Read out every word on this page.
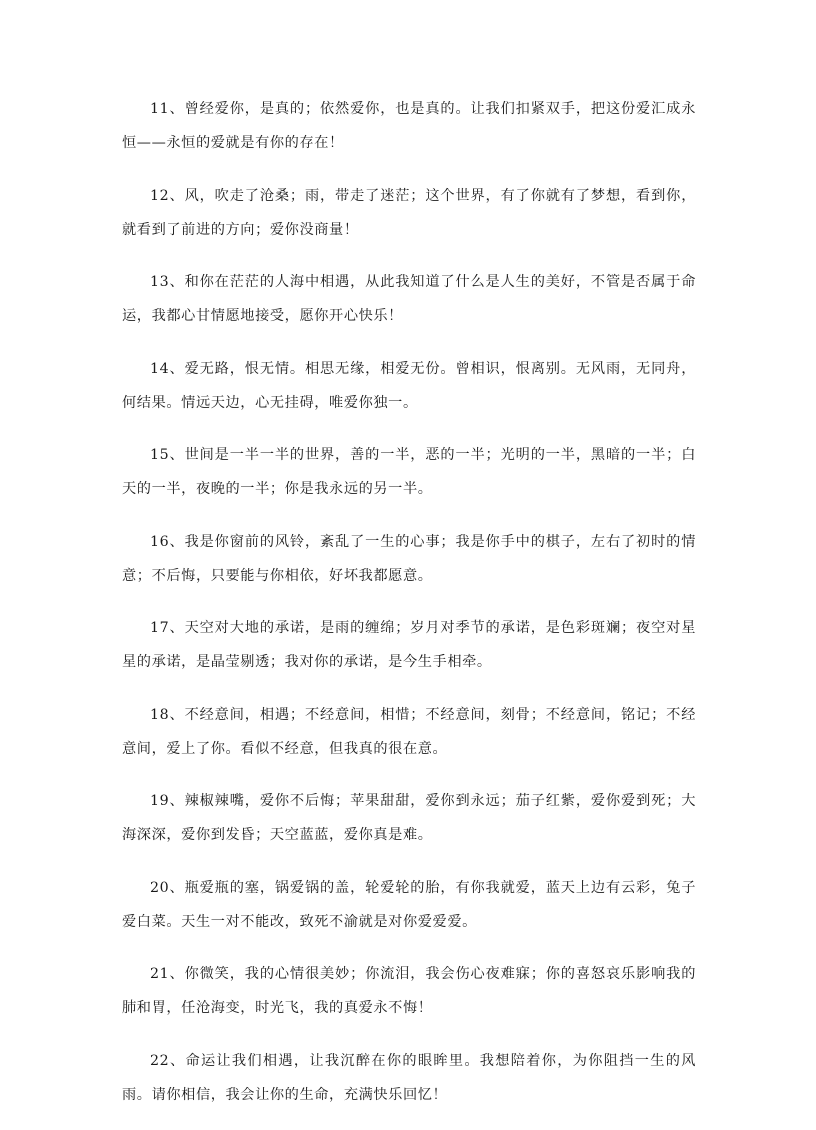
11、曾经爱你，是真的；依然爱你，也是真的。让我们扣紧双手，把这份爱汇成永恒——永恒的爱就是有你的存在！

12、风，吹走了沧桑；雨，带走了迷茫；这个世界，有了你就有了梦想，看到你，就看到了前进的方向；爱你没商量！

13、和你在茫茫的人海中相遇，从此我知道了什么是人生的美好，不管是否属于命运，我都心甘情愿地接受，愿你开心快乐！

14、爱无路，恨无情。相思无缘，相爱无份。曾相识，恨离别。无风雨，无同舟，何结果。情远天边，心无挂碍，唯爱你独一。

15、世间是一半一半的世界，善的一半，恶的一半；光明的一半，黑暗的一半；白天的一半，夜晚的一半；你是我永远的另一半。

16、我是你窗前的风铃，紊乱了一生的心事；我是你手中的棋子，左右了初时的情意；不后悔，只要能与你相依，好坏我都愿意。

17、天空对大地的承诺，是雨的缠绵；岁月对季节的承诺，是色彩斑斓；夜空对星星的承诺，是晶莹剔透；我对你的承诺，是今生手相牵。

18、不经意间，相遇；不经意间，相惜；不经意间，刻骨；不经意间，铭记；不经意间，爱上了你。看似不经意，但我真的很在意。

19、辣椒辣嘴，爱你不后悔；苹果甜甜，爱你到永远；茄子红紫，爱你爱到死；大海深深，爱你到发昏；天空蓝蓝，爱你真是难。

20、瓶爱瓶的塞，锅爱锅的盖，轮爱轮的胎，有你我就爱，蓝天上边有云彩，兔子爱白菜。天生一对不能改，致死不渝就是对你爱爱爱。

21、你微笑，我的心情很美妙；你流泪，我会伤心夜难寐；你的喜怒哀乐影响我的肺和胃，任沧海变，时光飞，我的真爱永不悔！

22、命运让我们相遇，让我沉醉在你的眼眸里。我想陪着你，为你阻挡一生的风雨。请你相信，我会让你的生命，充满快乐回忆！
